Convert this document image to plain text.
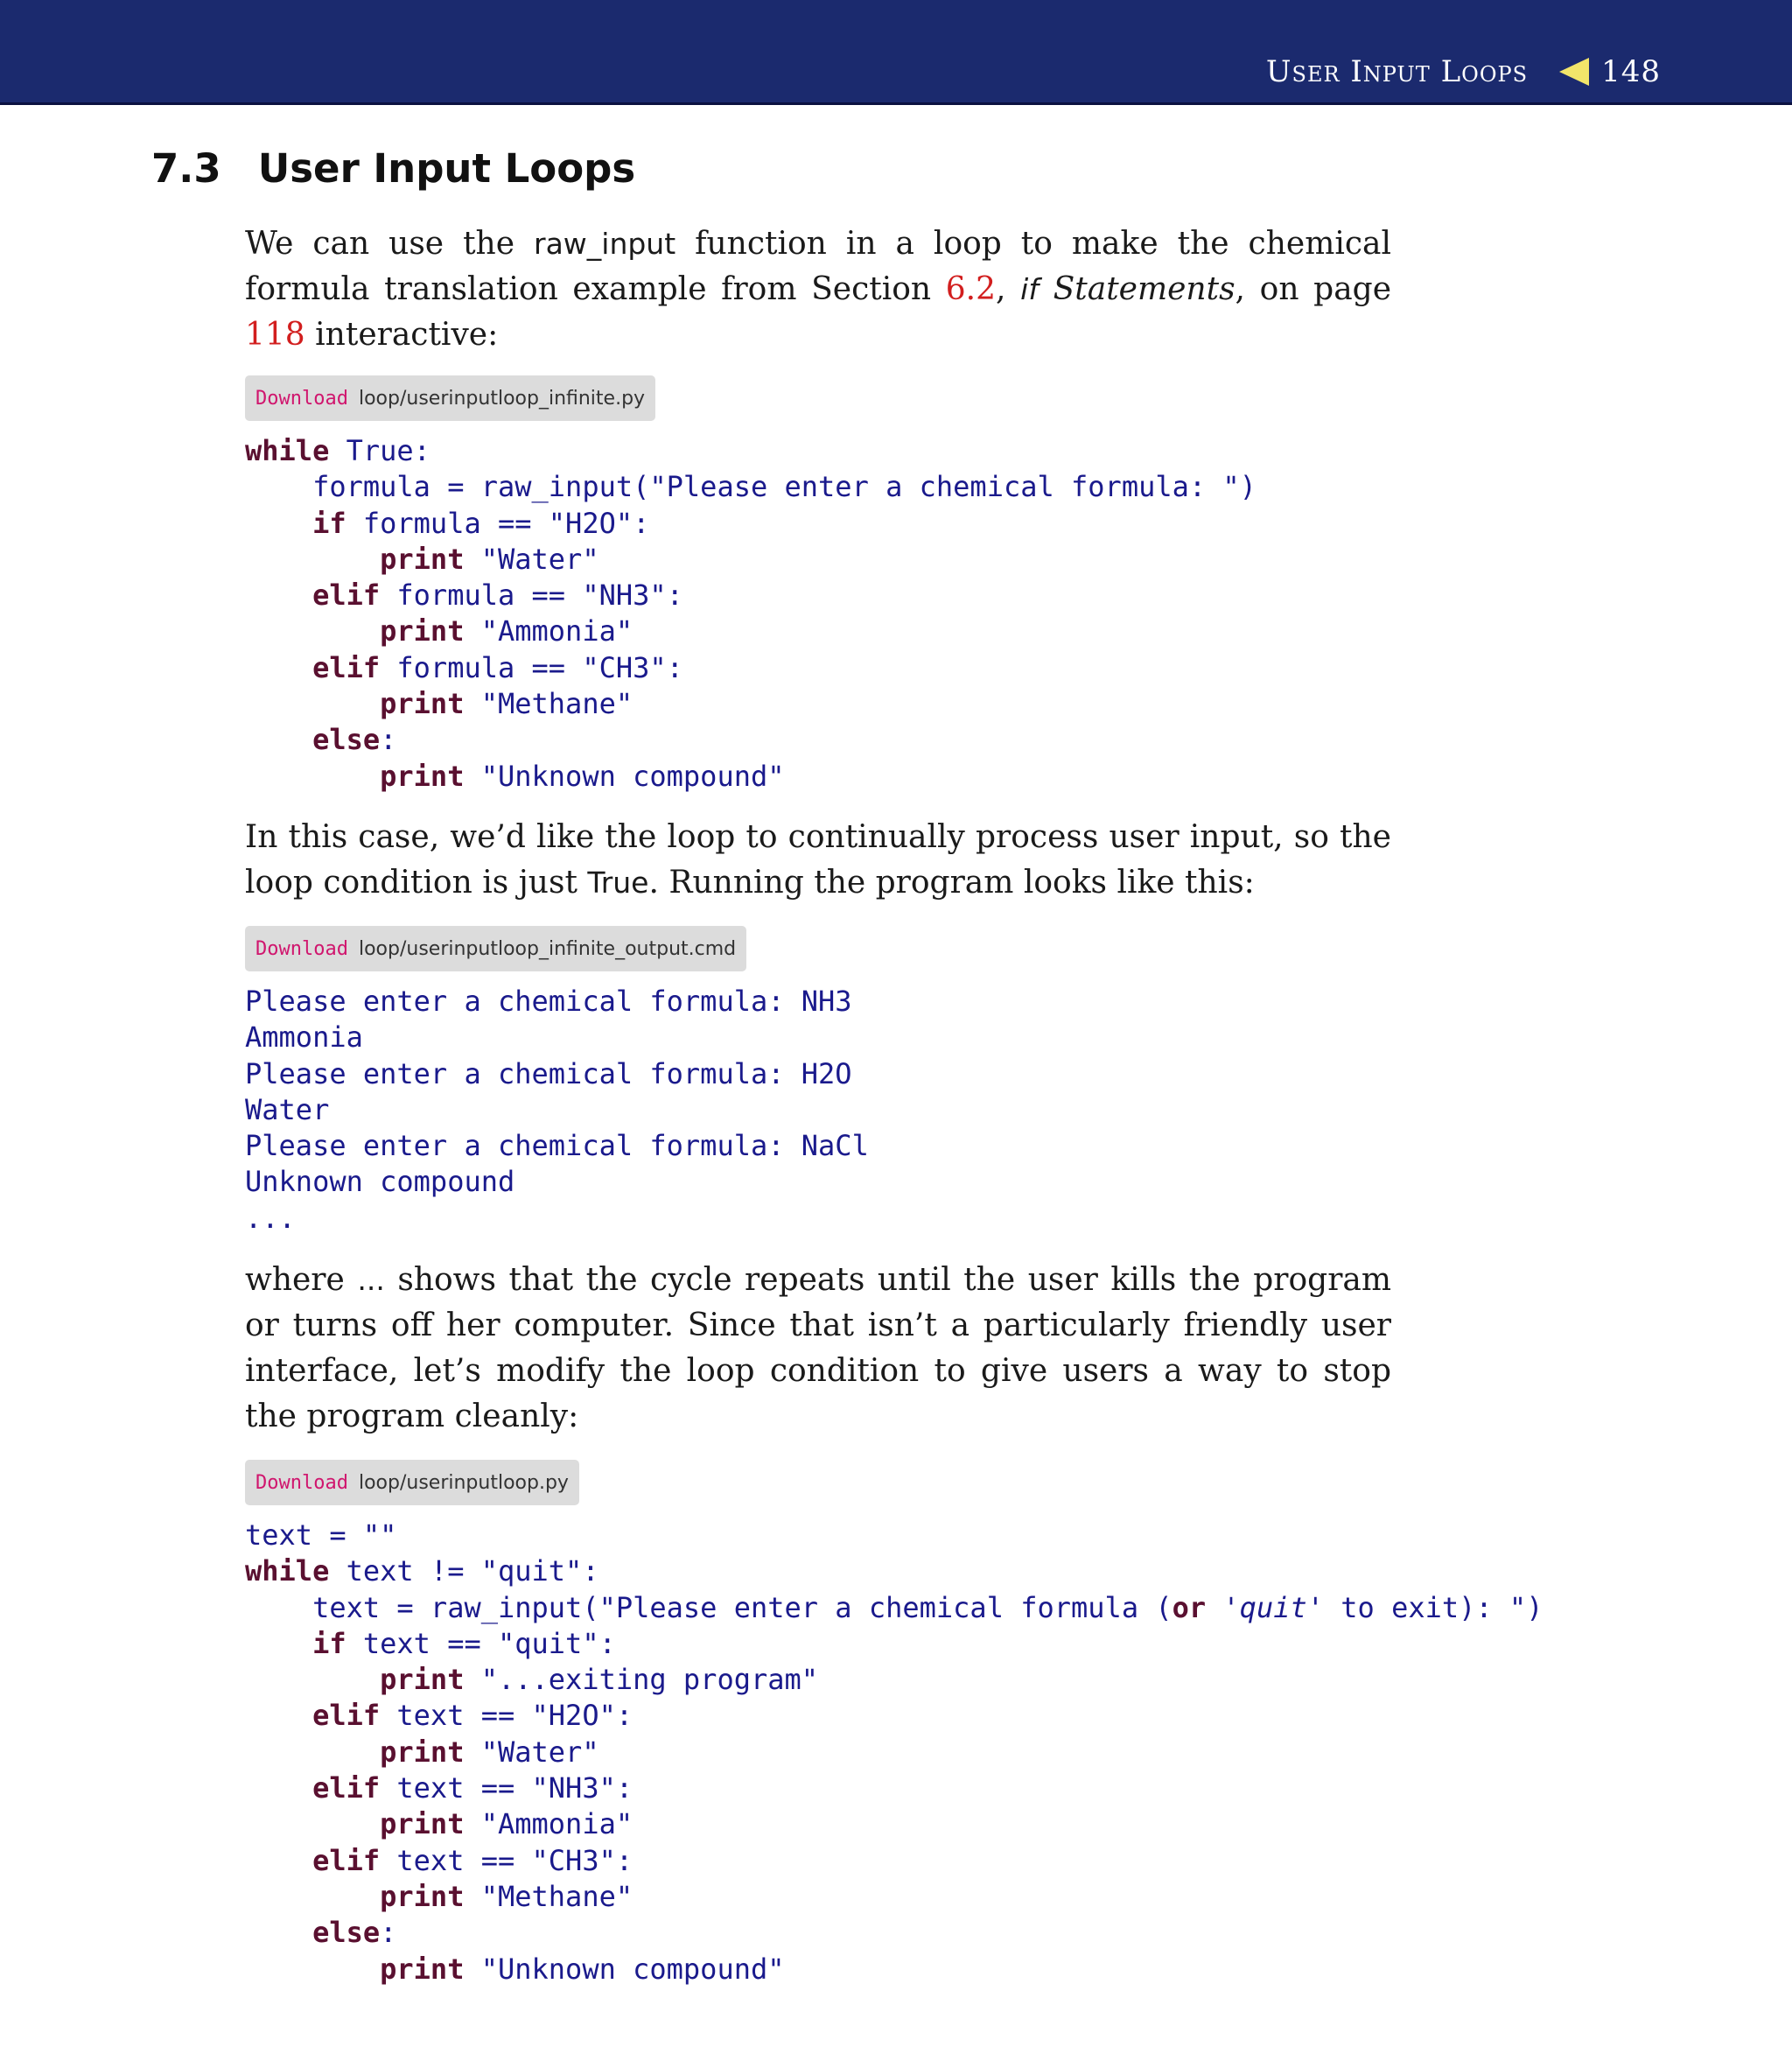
User Input Loops 148
7.3 User Input Loops

We can use the raw_input function in a loop to make the chemical formula translation example from Section 6.2, if Statements, on page 118 interactive:

Download loop/userinputloop_infinite.py
while True:
formula = raw_input("Please enter a chemical formula: ")
if formula == "H2O":
print "Water"
elif formula == "NH3":
print "Ammonia"
elif formula == "CH3":
print "Methane"
else:
print "Unknown compound"

In this case, we’d like the loop to continually process user input, so the loop condition is just True. Running the program looks like this:

Download loop/userinputloop_infinite_output.cmd
Please enter a chemical formula: NH3
Ammonia
Please enter a chemical formula: H2O
Water
Please enter a chemical formula: NaCl
Unknown compound
...

where ... shows that the cycle repeats until the user kills the program or turns off her computer. Since that isn’t a particularly friendly user interface, let’s modify the loop condition to give users a way to stop the program cleanly:

Download loop/userinputloop.py
text = ""
while text != "quit":
text = raw_input("Please enter a chemical formula (or 'quit' to exit): ")
if text == "quit":
print "...exiting program"
elif text == "H2O":
print "Water"
elif text == "NH3":
print "Ammonia"
elif text == "CH3":
print "Methane"
else:
print "Unknown compound"
